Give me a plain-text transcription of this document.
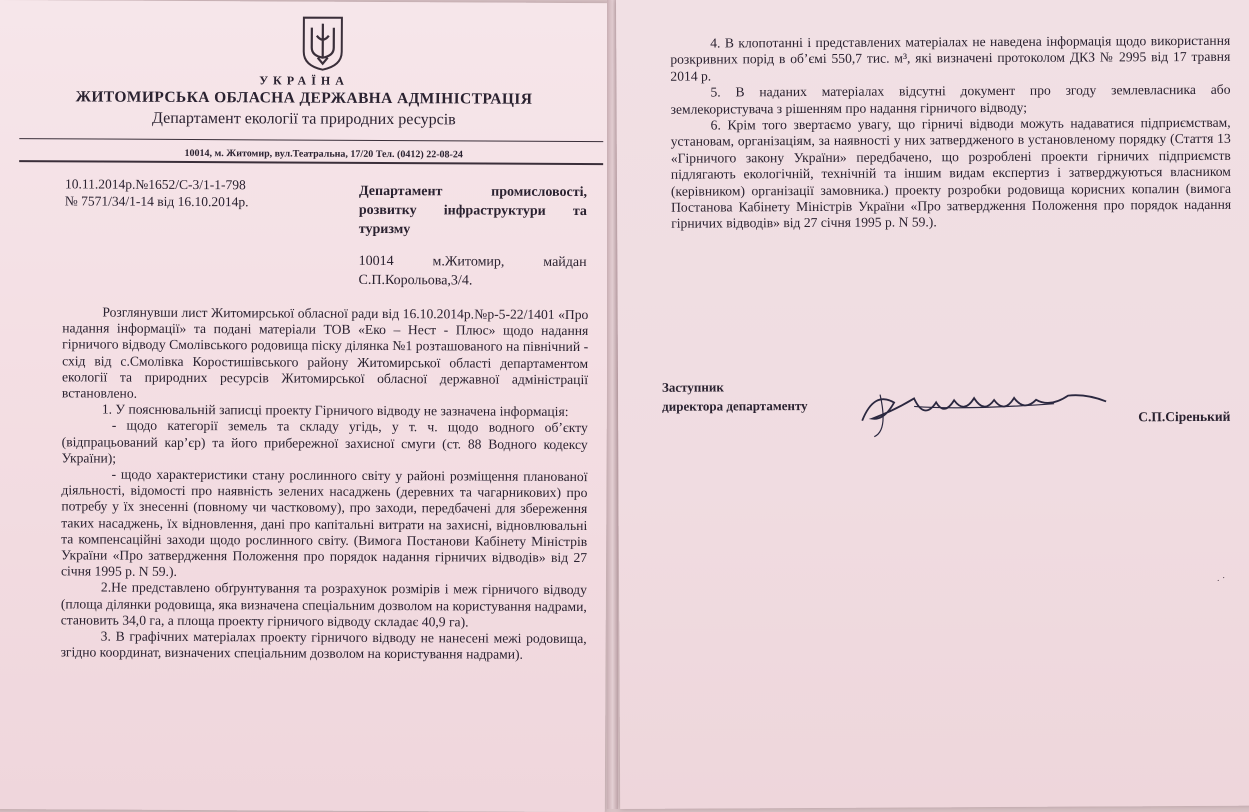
УКРАЇНА
ЖИТОМИРСЬКА ОБЛАСНА ДЕРЖАВНА АДМІНІСТРАЦІЯ
Департамент екології та природних ресурсів
10014, м. Житомир, вул.Театральна, 17/20 Тел. (0412) 22-08-24
10.11.2014р.№1652/С-3/1-1-798
№ 7571/34/1-14 від 16.10.2014р.
Департамент промисловості, розвитку інфраструктури та туризму
10014 м.Житомир, майдан С.П.Корольова,3/4.

Розглянувши лист Житомирської обласної ради від 16.10.2014р.№р-5-22/1401 «Про надання інформації» та подані матеріали ТОВ «Еко – Нест - Плюс» щодо надання гірничого відводу Смолівського родовища піску ділянка №1 розташованого на північний - схід від с.Смолівка Коростишівського району Житомирської області департаментом екології та природних ресурсів Житомирської обласної державної адміністрації встановлено.

1. У пояснювальній записці проекту Гірничого відводу не зазначена інформація:

- щодо категорії земель та складу угідь, у т. ч. щодо водного об’єкту (відпрацьований кар’єр) та його прибережної захисної смуги (ст. 88 Водного кодексу України);

- щодо характеристики стану рослинного світу у районі розміщення планованої діяльності, відомості про наявність зелених насаджень (деревних та чагарникових) про потребу у їх знесенні (повному чи частковому), про заходи, передбачені для збереження таких насаджень, їх відновлення, дані про капітальні витрати на захисні, відновлювальні та компенсаційні заходи щодо рослинного світу. (Вимога Постанови Кабінету Міністрів України «Про затвердження Положення про порядок надання гірничих відводів» від 27 січня 1995 р. N 59.).

2.Не представлено обґрунтування та розрахунок розмірів і меж гірничого відводу (площа ділянки родовища, яка визначена спеціальним дозволом на користування надрами, становить 34,0 га, а площа проекту гірничого відводу складає 40,9 га).

3. В графічних матеріалах проекту гірничого відводу не нанесені межі родовища, згідно координат, визначених спеціальним дозволом на користування надрами).

4. В клопотанні і представлених матеріалах не наведена інформація щодо використання розкривних порід в об’ємі 550,7 тис. м³, які визначені протоколом ДКЗ № 2995 від 17 травня 2014 р.

5. В наданих матеріалах відсутні документ про згоду землевласника або землекористувача з рішенням про надання гірничого відводу;

6. Крім того звертаємо увагу, що гірничі відводи можуть надаватися підприємствам, установам, організаціям, за наявності у них затвердженого в установленому порядку (Стаття 13 «Гірничого закону України» передбачено, що розроблені проекти гірничих підприємств підлягають екологічній, технічній та іншим видам експертиз і затверджуються власником (керівником) організації замовника.) проекту розробки родовища корисних копалин (вимога Постанова Кабінету Міністрів України «Про затвердження Положення про порядок надання гірничих відводів» від 27 січня 1995 р. N 59.).

Заступник
директора департаменту
С.П.Сіренький
. ·
